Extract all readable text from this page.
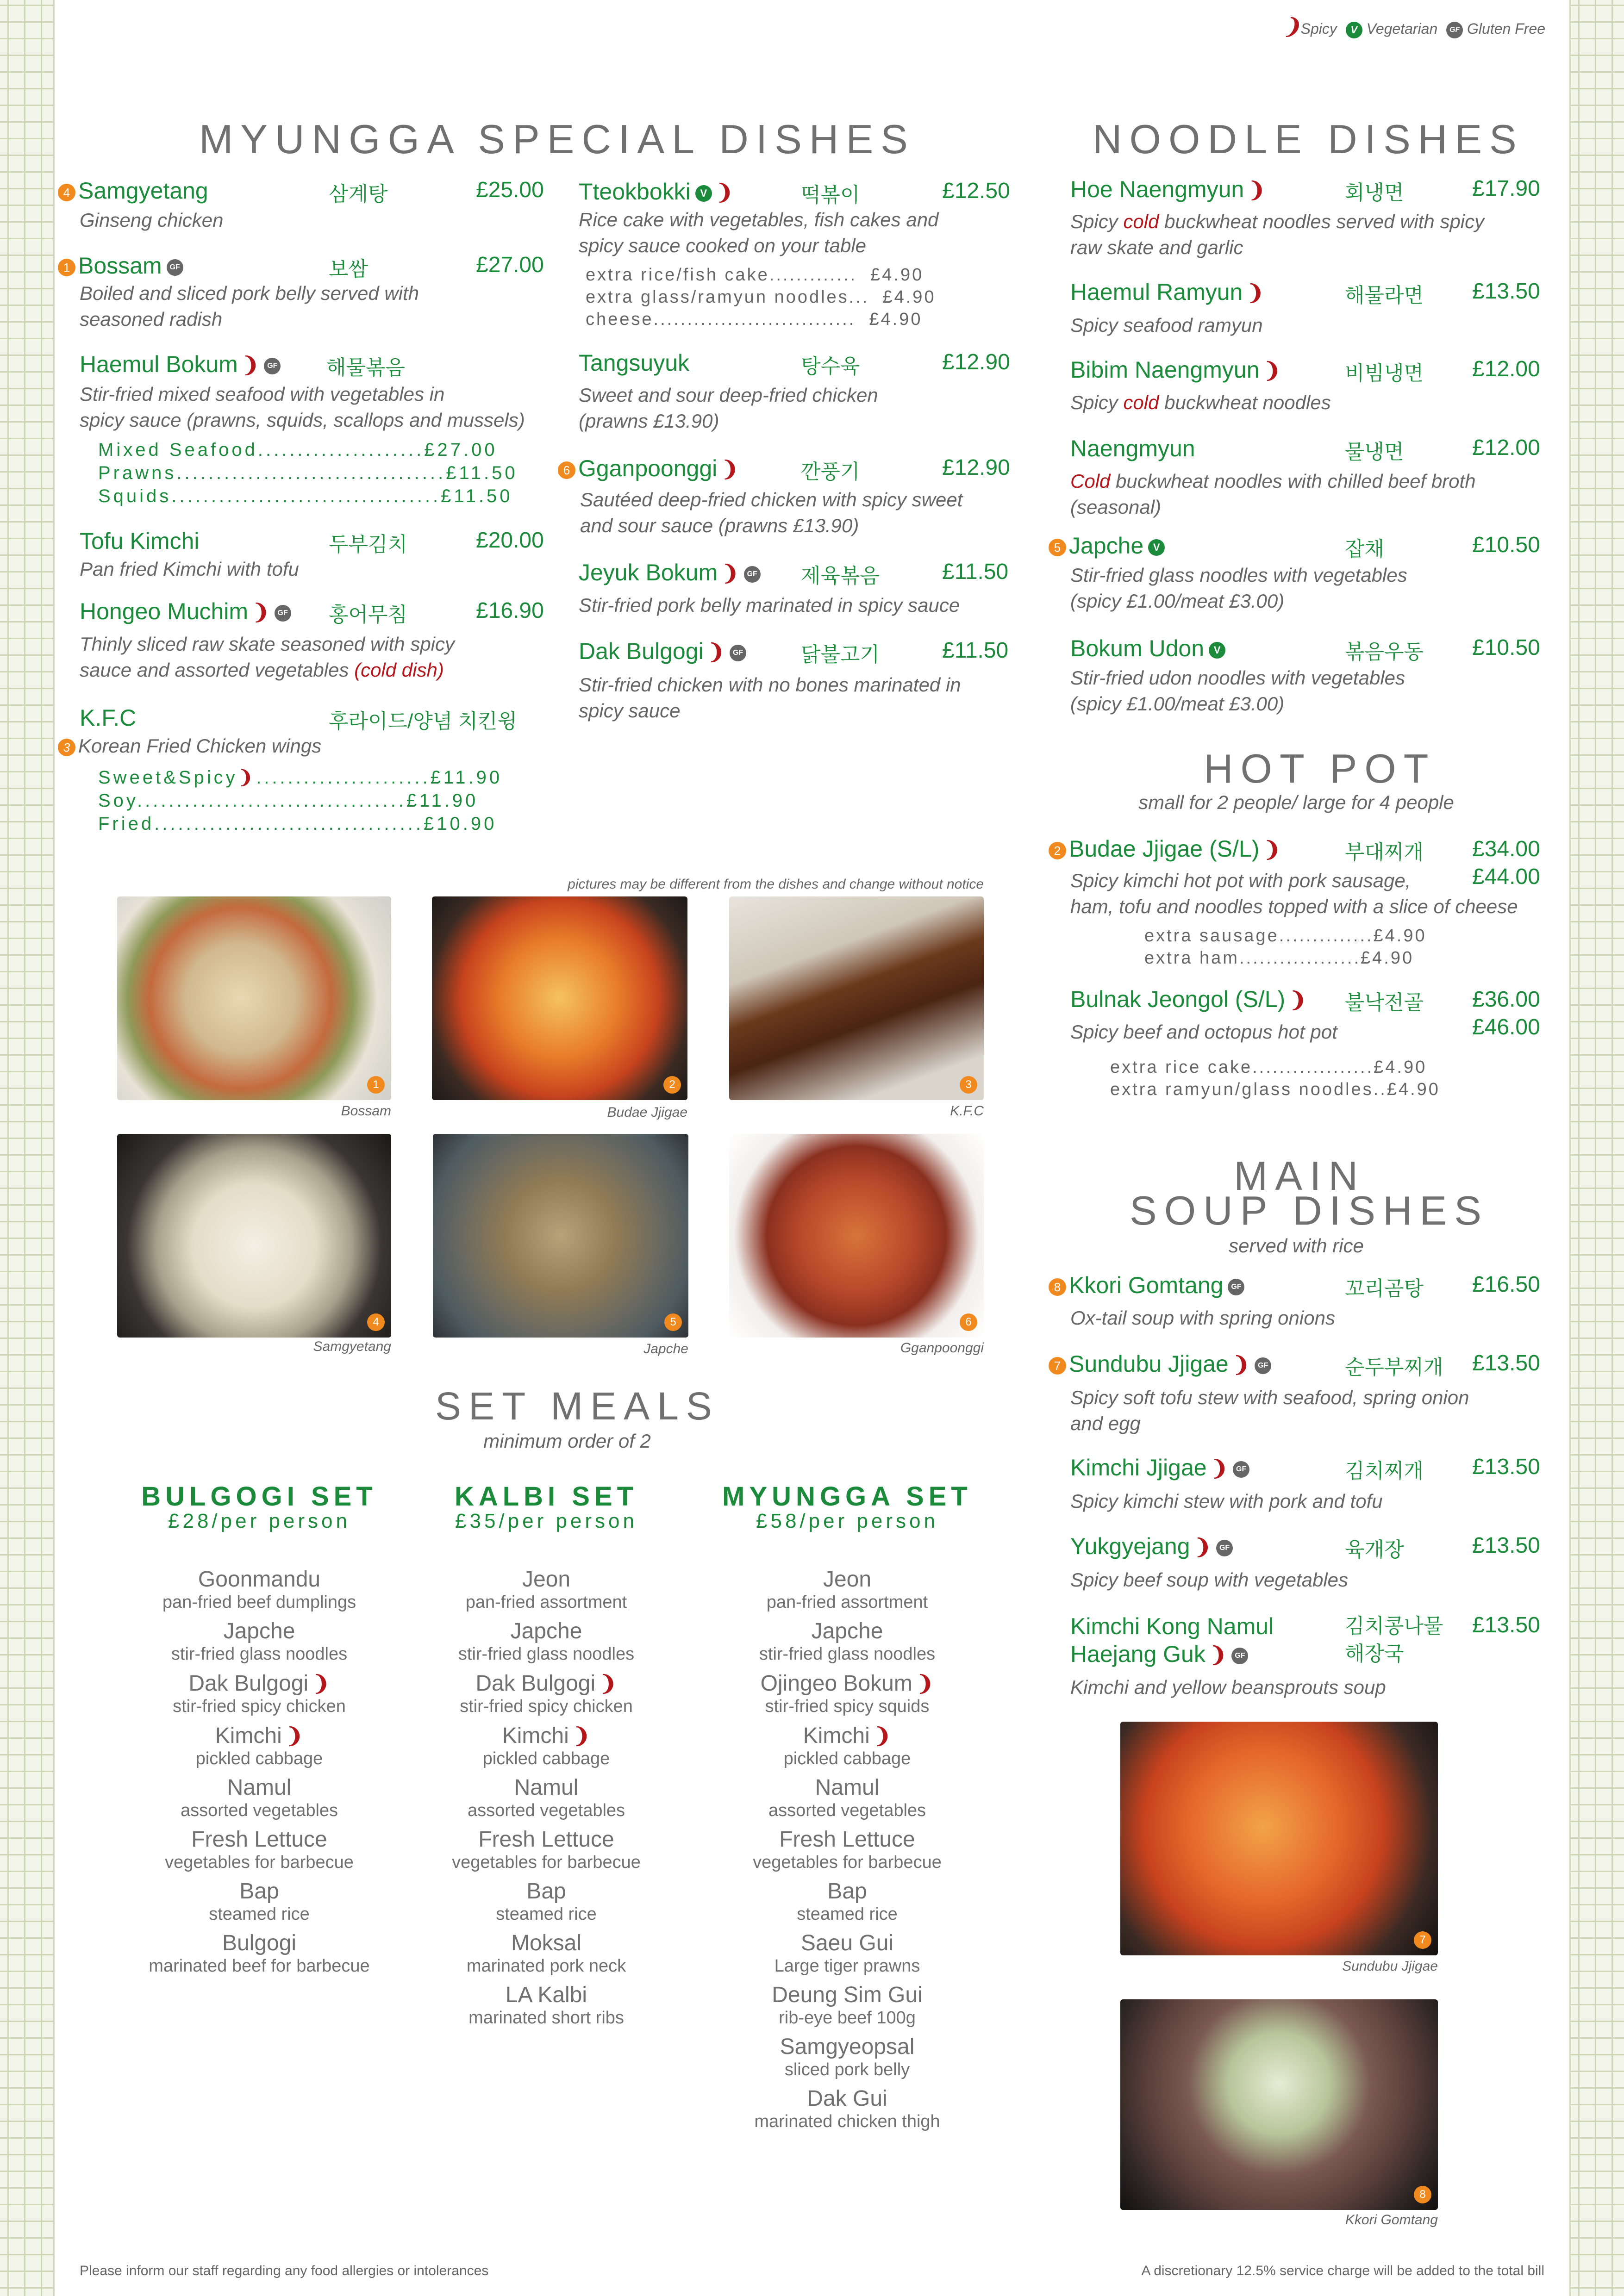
❩Spicy V Vegetarian GF Gluten Free
MYUNGGA SPECIAL DISHES	NOODLE DISHES
4 Samgyetang	삼계탕	£25.00
Ginseng chicken
1 Bossam GF	보쌈	£27.00
Boiled and sliced pork belly served with
seasoned radish
Haemul Bokum ❩ GF 해물볶음
Stir-fried mixed seafood with vegetables in
spicy sauce (prawns, squids, scallops and mussels)
Mixed Seafood.....................£27.00
Prawns..................................£11.50
Squids..................................£11.50
Tofu Kimchi	두부김치	£20.00
Pan fried Kimchi with tofu
Hongeo Muchim ❩ GF 홍어무침	£16.90
Thinly sliced raw skate seasoned with spicy
sauce and assorted vegetables (cold dish)
K.F.C	후라이드/양념 치킨윙
3 Korean Fried Chicken wings
Sweet&Spicy❩......................£11.90
Soy..................................£11.90
Fried..................................£10.90
Tteokbokki V ❩	떡볶이	£12.50
Rice cake with vegetables, fish cakes and
spicy sauce cooked on your table
extra rice/fish cake............. £4.90
extra glass/ramyun noodles... £4.90
cheese.............................. £4.90
Tangsuyuk	탕수육	£12.90
Sweet and sour deep-fried chicken
(prawns £13.90)
6 Gganpoonggi ❩	깐풍기	£12.90
Sautéed deep-fried chicken with spicy sweet
and sour sauce (prawns £13.90)
Jeyuk Bokum ❩ GF 제육볶음	£11.50
Stir-fried pork belly marinated in spicy sauce
Dak Bulgogi ❩ GF	닭불고기	£11.50
Stir-fried chicken with no bones marinated in
spicy sauce
pictures may be different from the dishes and change without notice
1
Bossam
2
Budae Jjigae
3
K.F.C
4
Samgyetang
5
Japche
6
Gganpoonggi
7
Sundubu Jjigae
8
Kkori Gomtang
Hoe Naengmyun ❩	회냉면	£17.90
Spicy cold buckwheat noodles served with spicy
raw skate and garlic
Haemul Ramyun ❩	해물라면 £13.50
Spicy seafood ramyun
Bibim Naengmyun ❩	비빔냉면 £12.00
Spicy cold buckwheat noodles
Naengmyun	물냉면	£12.00
Cold buckwheat noodles with chilled beef broth
(seasonal)
5 Japche V	잡채	£10.50
Stir-fried glass noodles with vegetables
(spicy £1.00/meat £3.00)
Bokum Udon V	볶음우동 £10.50
Stir-fried udon noodles with vegetables
(spicy £1.00/meat £3.00)
HOT POT
small for 2 people/ large for 4 people
2 Budae Jjigae (S/L) ❩	부대찌개 £34.00
£44.00
Spicy kimchi hot pot with pork sausage,
ham, tofu and noodles topped with a slice of cheese
extra sausage..............£4.90
extra ham..................£4.90
Bulnak Jeongol (S/L) ❩ 불낙전골 £36.00
£46.00
Spicy beef and octopus hot pot
extra rice cake..................£4.90
extra ramyun/glass noodles..£4.90
MAIN
SOUP DISHES
served with rice
8 Kkori Gomtang GF	꼬리곰탕 £16.50
Ox-tail soup with spring onions
7 Sundubu Jjigae ❩ GF	순두부찌개 £13.50
Spicy soft tofu stew with seafood, spring onion
and egg
Kimchi Jjigae ❩ GF	김치찌개 £13.50
Spicy kimchi stew with pork and tofu
Yukgyejang ❩ GF	육개장	£13.50
Spicy beef soup with vegetables
Kimchi Kong Namul
Haejang Guk ❩ GF
김치콩나물
해장국
£13.50
Kimchi and yellow beansprouts soup
SET MEALS
minimum order of 2
BULGOGI SET
£28/per person
KALBI SET
£35/per person
MYUNGGA SET
£58/per person
Goonmandu
pan-fried beef dumplings
Japche
stir-fried glass noodles
Dak Bulgogi ❩
stir-fried spicy chicken
Kimchi ❩
pickled cabbage
Namul
assorted vegetables
Fresh Lettuce
vegetables for barbecue
Bap
steamed rice
Bulgogi
marinated beef for barbecue
Jeon
pan-fried assortment
Japche
stir-fried glass noodles
Dak Bulgogi ❩
stir-fried spicy chicken
Kimchi ❩
pickled cabbage
Namul
assorted vegetables
Fresh Lettuce
vegetables for barbecue
Bap
steamed rice
Moksal
marinated pork neck
LA Kalbi
marinated short ribs
Jeon
pan-fried assortment
Japche
stir-fried glass noodles
Ojingeo Bokum ❩
stir-fried spicy squids
Kimchi ❩
pickled cabbage
Namul
assorted vegetables
Fresh Lettuce
vegetables for barbecue
Bap
steamed rice
Saeu Gui
Large tiger prawns
Deung Sim Gui
rib-eye beef 100g
Samgyeopsal
sliced pork belly
Dak Gui
marinated chicken thigh
Please inform our staff regarding any food allergies or intolerances	A discretionary 12.5% service charge will be added to the total bill
